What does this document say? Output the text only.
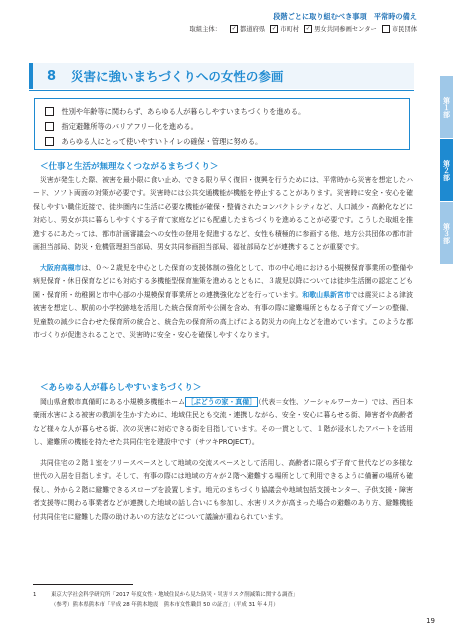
段階ごとに取り組むべき事項　平常時の備え
取組主体：	✓ 都道府県	✓ 市町村	✓ 男女共同参画センター 市民団体
8	災害に強いまちづくりへの女性の参画
性別や年齢等に関わらず、あらゆる人が暮らしやすいまちづくりを進める。
指定避難所等のバリアフリー化を進める。
あらゆる人にとって使いやすいトイレの確保・管理に努める。
＜仕事と生活が無理なくつながるまちづくり＞
災害が発生した際、被害を最小限に食い止め、できる限り早く復旧・復興を行うためには、平常時から災害を想定したハード、ソフト両面の対策が必要です。災害時には公共交通機能が機能を停止することがあります。災害時に安全・安心を確保しやすい職住近接で、徒歩圏内に生活に必要な機能が確保・整備されたコンパクトシティなど、人口減少・高齢化などに対応し、男女が共に暮らしやすくする子育て家庭などにも配慮したまちづくりを進めることが必要です。こうした取組を推進するにあたっては、都市計画審議会への女性の登用を促進するなど、女性も積極的に参画する他、地方公共団体の都市計画担当部局、防災・危機管理担当部局、男女共同参画担当部局、福祉部局などが連携することが重要です。
大阪府高槻市は、０～２歳児を中心とした保育の支援体制の強化として、市の中心地における小規模保育事業所の整備や病児保育・休日保育などにも対応する多機能型保育施策を進めるとともに、３歳児以降については徒歩生活圏の認定こども園・保育所・幼稚園と市中心部の小規模保育事業所との連携強化などを行っています。和歌山県新宮市では震災による津波被害を想定し、駅前の小学校跡地を活用した統合保育所や公園を含め、有事の際に避難場所ともなる子育てゾーンの整備、児童数の減少に合わせた保育所の統合と、統合先の保育所の高上げによる防災力の向上などを進めています。このような都市づくりが促進されることで、災害時に安全・安心を確保しやすくなります。
＜あらゆる人が暮らしやすいまちづくり＞
岡山県倉敷市真備町にある小規模多機能ホーム ［ぶどうの家・真備］ （代表＝女性、ソーシャルワーカー）では、西日本豪雨水害による被害の教訓を生かすために、地域住民とも交流・連携しながら、安全・安心に暮らせる街、障害者や高齢者など様々な人が暮らせる街、次の災害に対応できる街を目指しています。その一貫として、１階が浸水したアパートを活用し、避難所の機能を持たせた共同住宅を建設中です（サツキPROJECT）。
共同住宅の２階１室をフリースペースとして地域の交流スペースとして活用し、高齢者に限らず子育て世代などの多様な世代の入居を目指します。そして、有事の際には地域の方々が２階へ避難する場所として利用できるように備蓄の場所も確保し、外から２階に避難できるスロープを設置します。地元のまちづくり協議会や地域包括支援センター、子供支援・障害者支援等に関わる事業者などが連携した地域の話し合いにも参加し、水害リスクが高まった場合の避難のあり方、避難機能付共同住宅に避難した際の助けあいの方法などについて議論が重ねられています。
1	東京大学社会科学研究所「2017 年度女性・地域住民から見た防災・災害リスク削減策に関する調査」
（参考）熊本県熊本市「平成 28 年熊本地震　熊本市女性職員 50 の証言」（平成 31 年４月）
19
第１部
第２部
第３部
